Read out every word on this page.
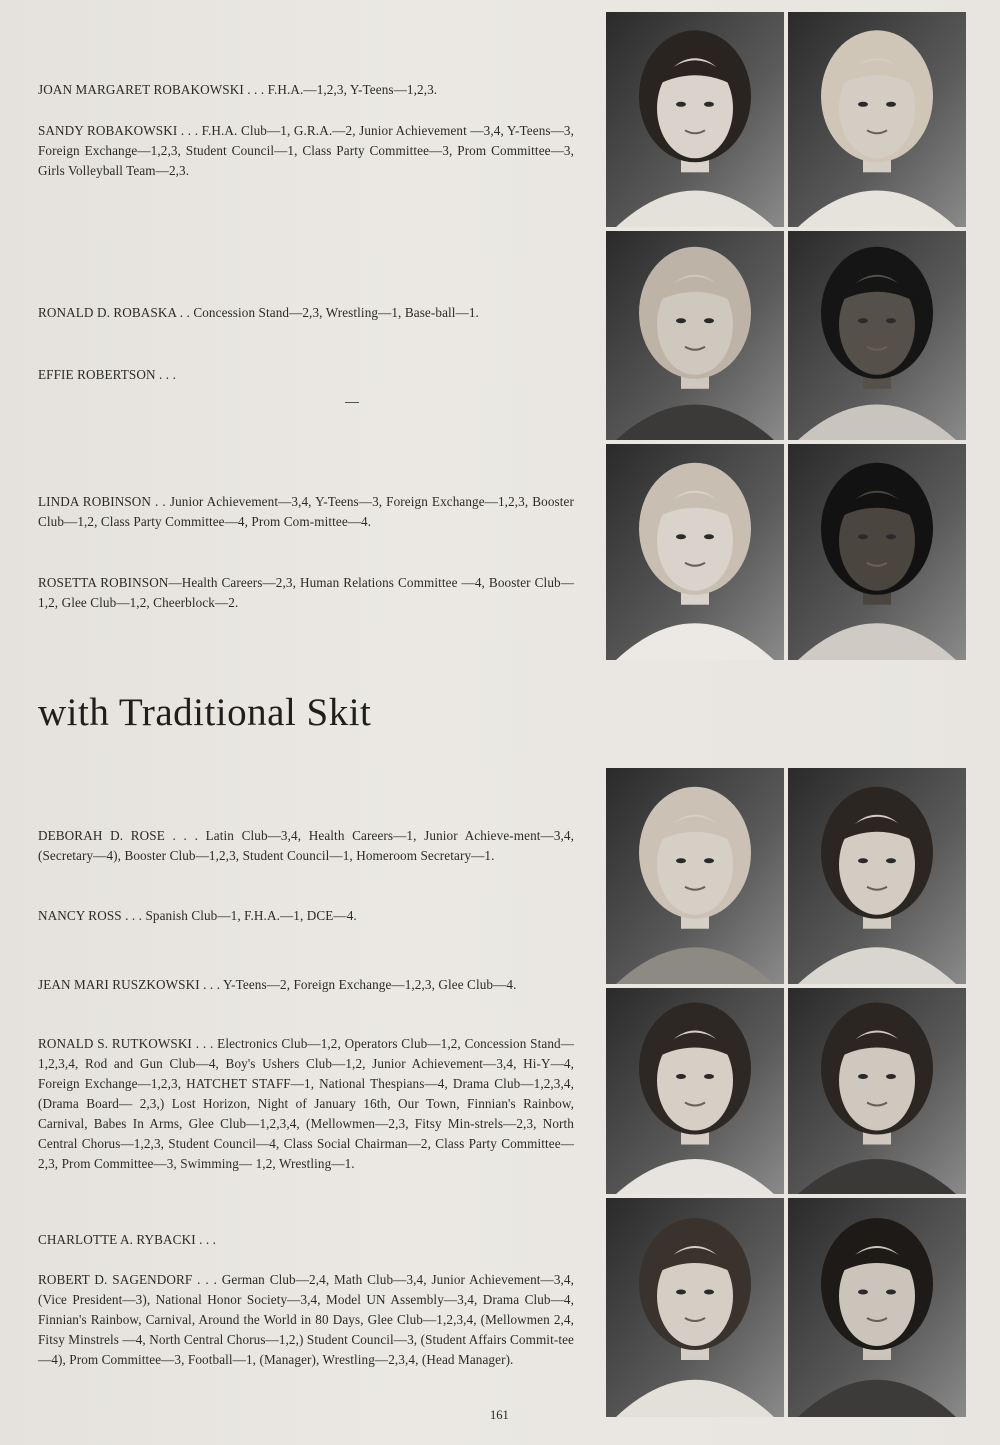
JOAN MARGARET ROBAKOWSKI . . . F.H.A.—1,2,3, Y-Teens—1,2,3.
SANDY ROBAKOWSKI . . . F.H.A. Club—1, G.R.A.—2, Junior Achievement —3,4, Y-Teens—3, Foreign Exchange—1,2,3, Student Council—1, Class Party Committee—3, Prom Committee—3, Girls Volleyball Team—2,3.
RONALD D. ROBASKA . . Concession Stand—2,3, Wrestling—1, Base-ball—1.
EFFIE ROBERTSON . . .
LINDA ROBINSON . . Junior Achievement—3,4, Y-Teens—3, Foreign Exchange—1,2,3, Booster Club—1,2, Class Party Committee—4, Prom Com-mittee—4.
ROSETTA ROBINSON—Health Careers—2,3, Human Relations Committee —4, Booster Club—1,2, Glee Club—1,2, Cheerblock—2.
with Traditional Skit
DEBORAH D. ROSE . . . Latin Club—3,4, Health Careers—1, Junior Achieve-ment—3,4, (Secretary—4), Booster Club—1,2,3, Student Council—1, Homeroom Secretary—1.
NANCY ROSS . . . Spanish Club—1, F.H.A.—1, DCE—4.
JEAN MARI RUSZKOWSKI . . . Y-Teens—2, Foreign Exchange—1,2,3, Glee Club—4.
RONALD S. RUTKOWSKI . . . Electronics Club—1,2, Operators Club—1,2, Concession Stand—1,2,3,4, Rod and Gun Club—4, Boy's Ushers Club—1,2, Junior Achievement—3,4, Hi-Y—4, Foreign Exchange—1,2,3, HATCHET STAFF—1, National Thespians—4, Drama Club—1,2,3,4, (Drama Board— 2,3,) Lost Horizon, Night of January 16th, Our Town, Finnian's Rainbow, Carnival, Babes In Arms, Glee Club—1,2,3,4, (Mellowmen—2,3, Fitsy Min-strels—2,3, North Central Chorus—1,2,3, Student Council—4, Class Social Chairman—2, Class Party Committee—2,3, Prom Committee—3, Swimming— 1,2, Wrestling—1.
CHARLOTTE A. RYBACKI . . .
ROBERT D. SAGENDORF . . . German Club—2,4, Math Club—3,4, Junior Achievement—3,4, (Vice President—3), National Honor Society—3,4, Model UN Assembly—3,4, Drama Club—4, Finnian's Rainbow, Carnival, Around the World in 80 Days, Glee Club—1,2,3,4, (Mellowmen 2,4, Fitsy Minstrels —4, North Central Chorus—1,2,) Student Council—3, (Student Affairs Commit-tee—4), Prom Committee—3, Football—1, (Manager), Wrestling—2,3,4, (Head Manager).
161
